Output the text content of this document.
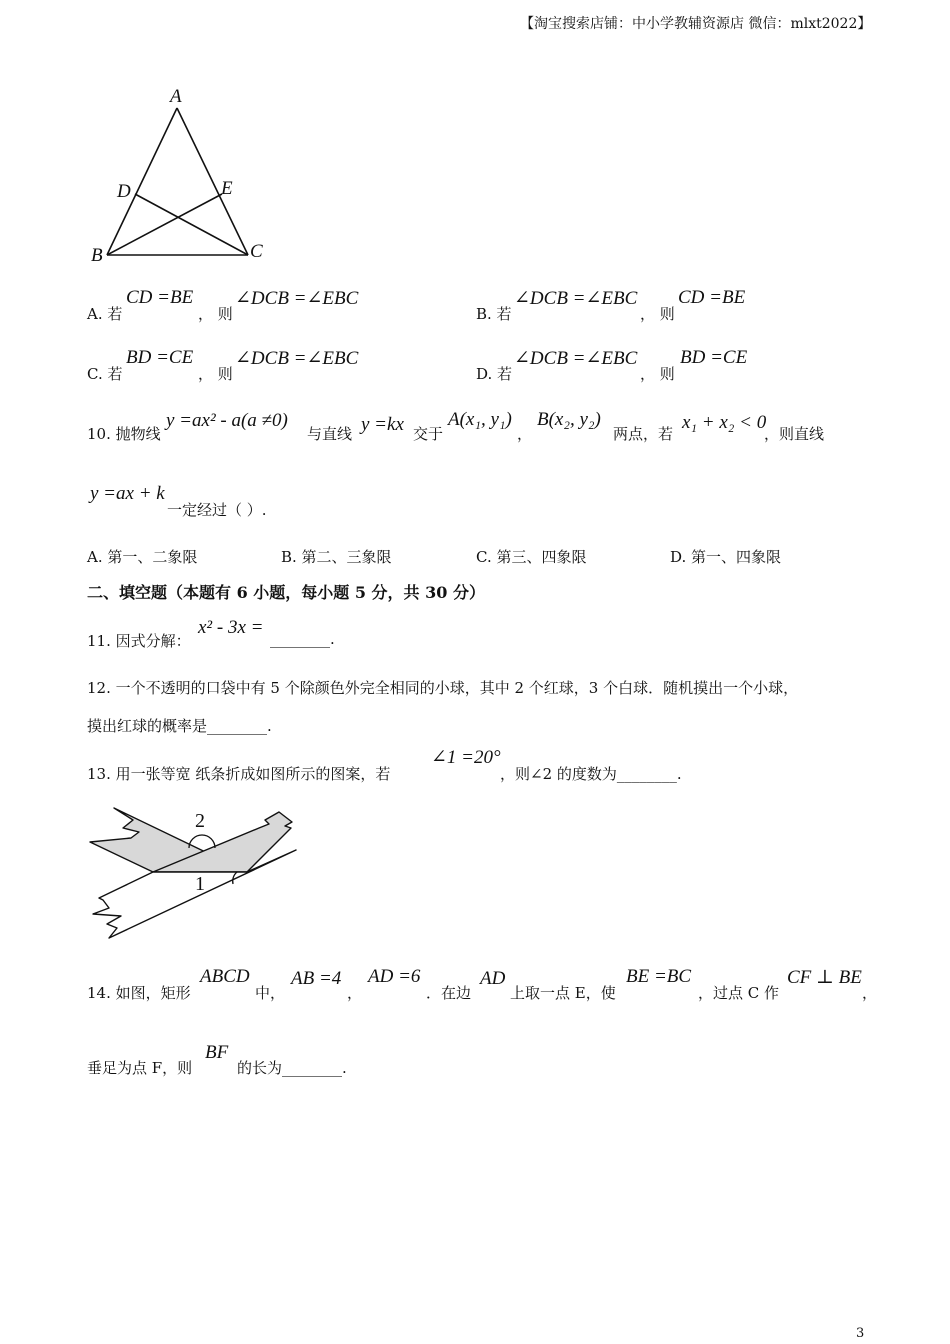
【淘宝搜索店铺：中小学教辅资源店 微信：mlxt2022】
A
B	C
D	E
A. 若
CD =BE
， 则
∠DCB =∠EBC
B. 若
∠DCB =∠EBC
， 则
CD =BE
C. 若
BD =CE
， 则
∠DCB =∠EBC
D. 若
∠DCB =∠EBC
， 则
BD =CE
10. 抛物线
y =ax² - a(a ≠0)
与直线 y =kx 交于
A(x₁, y₁)
，
B(x₂, y₂)
两点，若
x₁ + x₂ < 0
，则直线
y =ax + k
一定经过（ ）.
A. 第一、二象限	B. 第二、三象限	C. 第三、四象限	D. 第一、四象限
二、填空题（本题有 6 小题，每小题 5 分，共 30 分）
11. 因式分解：
x² - 3x =
________.
12. 一个不透明的口袋中有 5 个除颜色外完全相同的小球，其中 2 个红球，3 个白球．随机摸出一个小球，
摸出红球的概率是________.
13. 用一张等宽 纸条折成如图所示的图案，若
∠1 =20°
，则∠2 的度数为________.
2
1
14. 如图，矩形
ABCD
中，
AB =4
，
AD =6
．在边
AD
上取一点 E，使
BE =BC
，过点 C 作
CF ⊥ BE
，
垂足为点 F，则
BF
的长为________.
3
